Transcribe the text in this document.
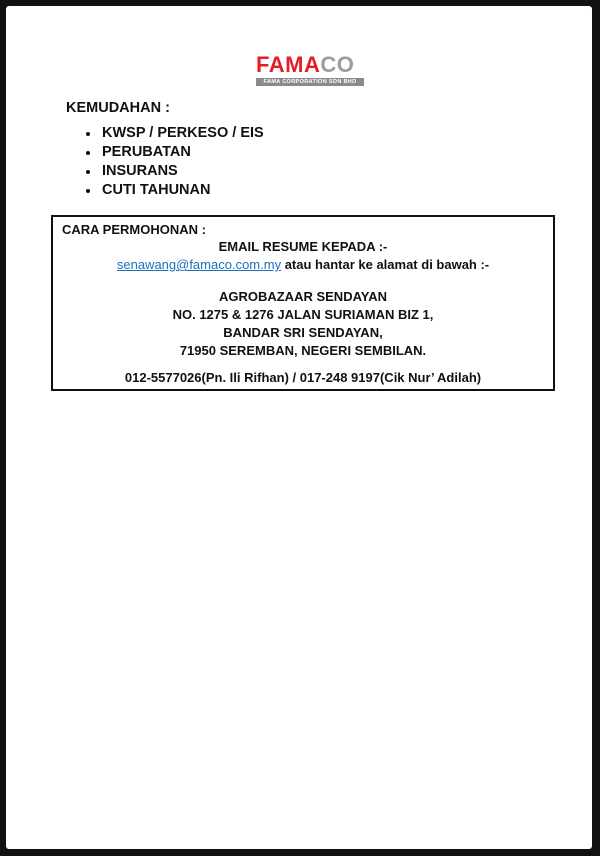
FAMACO
FAMA CORPORATION SDN BHD
KEMUDAHAN :
KWSP / PERKESO / EIS
PERUBATAN
INSURANS
CUTI TAHUNAN
CARA PERMOHONAN :
EMAIL RESUME KEPADA :-
senawang@famaco.com.my atau hantar ke alamat di bawah :-
AGROBAZAAR SENDAYAN
NO. 1275 & 1276 JALAN SURIAMAN BIZ 1,
BANDAR SRI SENDAYAN,
71950 SEREMBAN, NEGERI SEMBILAN.
012-5577026(Pn. Ili Rifhan) / 017-248 9197(Cik Nur’ Adilah)
